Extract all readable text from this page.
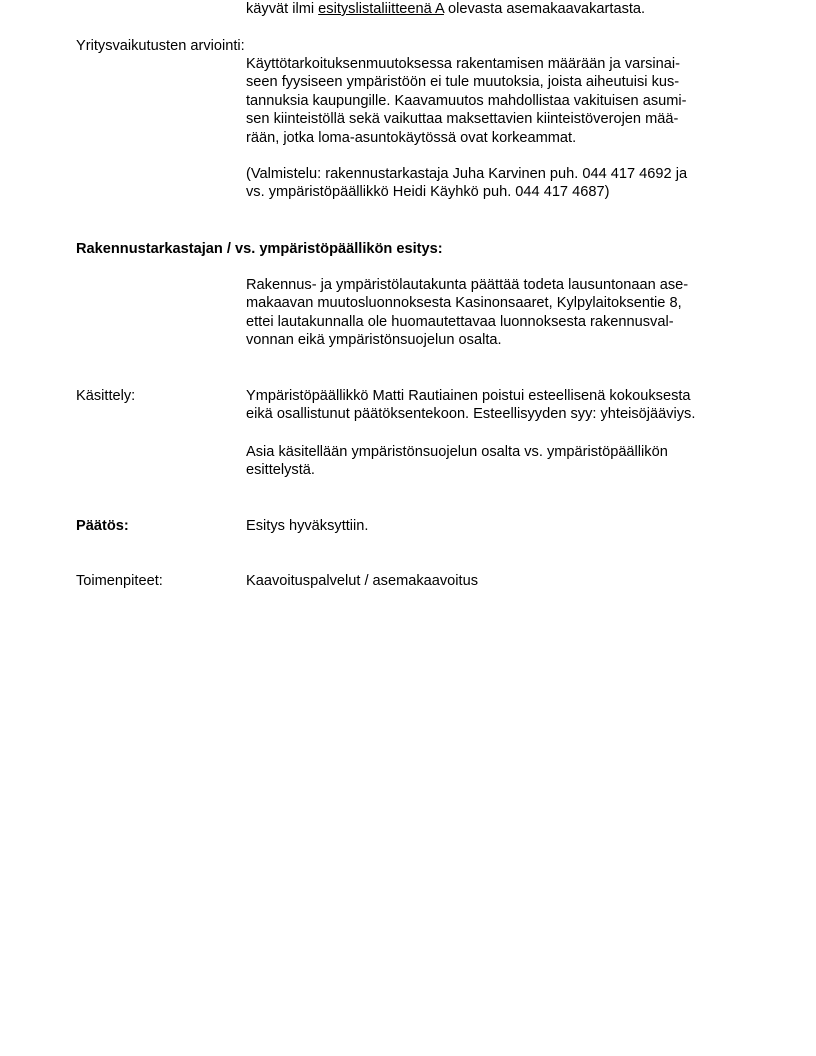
käyvät ilmi esityslistaliitteenä A olevasta asemakaavakartasta.
Yritysvaikutusten arviointi:
Käyttötarkoituksenmuutoksessa rakentamisen määrään ja varsinai-
seen fyysiseen ympäristöön ei tule muutoksia, joista aiheutuisi kus-
tannuksia kaupungille. Kaavamuutos mahdollistaa vakituisen asumi-
sen kiinteistöllä sekä vaikuttaa maksettavien kiinteistöverojen mää-
rään, jotka loma-asuntokäytössä ovat korkeammat.
(Valmistelu: rakennustarkastaja Juha Karvinen puh. 044 417 4692 ja
vs. ympäristöpäällikkö Heidi Käyhkö puh. 044 417 4687)
Rakennustarkastajan / vs. ympäristöpäällikön esitys:
Rakennus- ja ympäristölautakunta päättää todeta lausuntonaan ase-
makaavan muutosluonnoksesta Kasinonsaaret, Kylpylaitoksentie 8,
ettei lautakunnalla ole huomautettavaa luonnoksesta rakennusval-
vonnan eikä ympäristönsuojelun osalta.
Käsittely:	Ympäristöpäällikkö Matti Rautiainen poistui esteellisenä kokouksesta
eikä osallistunut päätöksentekoon. Esteellisyyden syy: yhteisöjääviys.
Asia käsitellään ympäristönsuojelun osalta vs. ympäristöpäällikön
esittelystä.
Päätös:	Esitys hyväksyttiin.
Toimenpiteet:	Kaavoituspalvelut / asemakaavoitus
